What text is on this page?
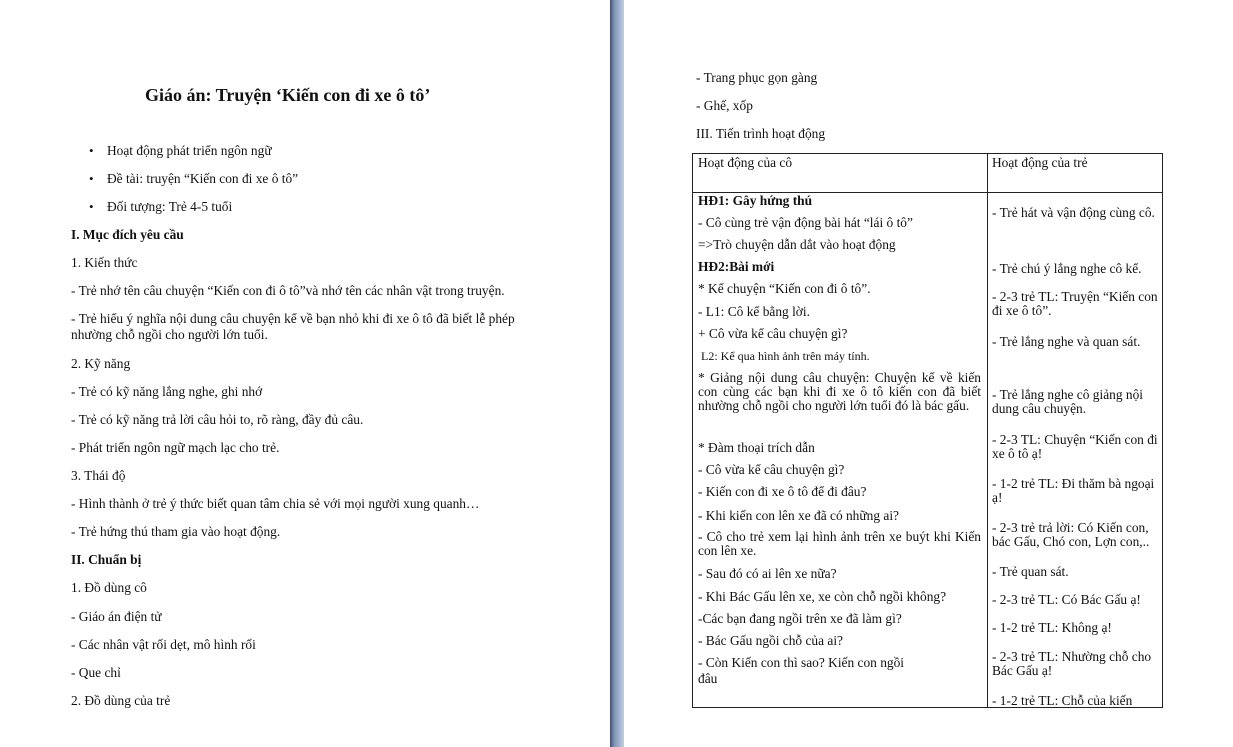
Giáo án: Truyện ‘Kiến con đi xe ô tô’
• Hoạt động phát triển ngôn ngữ
• Đề tài: truyện “Kiến con đi xe ô tô”
• Đối tượng: Trẻ 4-5 tuổi
I. Mục đích yêu cầu
1. Kiến thức
- Trẻ nhớ tên câu chuyện “Kiến con đi ô tô”và nhớ tên các nhân vật trong truyện.
- Trẻ hiểu ý nghĩa nội dung câu chuyện kể về bạn nhỏ khi đi xe ô tô đã biết lễ phép
nhường chỗ ngồi cho người lớn tuổi.
2. Kỹ năng
- Trẻ có kỹ năng lắng nghe, ghi nhớ
- Trẻ có kỹ năng trả lời câu hỏi to, rõ ràng, đầy đủ câu.
- Phát triển ngôn ngữ mạch lạc cho trẻ.
3. Thái độ
- Hình thành ở trẻ ý thức biết quan tâm chia sẻ với mọi người xung quanh…
- Trẻ hứng thú tham gia vào hoạt động.
II. Chuẩn bị
1. Đồ dùng cô
- Giáo án điện tử
- Các nhân vật rối dẹt, mô hình rối
- Que chỉ
2. Đồ dùng của trẻ
- Trang phục gọn gàng
- Ghế, xốp
III. Tiến trình hoạt động
Hoạt động của cô	Hoạt động của trẻ
HĐ1: Gây hứng thú
- Cô cùng trẻ vận động bài hát “lái ô tô”
=>Trò chuyện dẫn dắt vào hoạt động
HĐ2:Bài mới
* Kể chuyện “Kiến con đi ô tô”.
- L1: Cô kể bằng lời.
+ Cô vừa kể câu chuyện gì?
L2: Kể qua hình ảnh trên máy tính.
* Giảng nội dung câu chuyện: Chuyện kể về kiến con cùng các bạn khi đi xe ô tô kiến con đã biết nhường chỗ ngồi cho người lớn tuổi đó là bác gấu.
* Đàm thoại trích dẫn
- Cô vừa kể câu chuyện gì?
- Kiến con đi xe ô tô để đi đâu?
- Khi kiến con lên xe đã có những ai?
- Cô cho trẻ xem lại hình ảnh trên xe buýt khi Kiến con lên xe.
- Sau đó có ai lên xe nữa?
- Khi Bác Gấu lên xe, xe còn chỗ ngồi không?
-Các bạn đang ngồi trên xe đã làm gì?
- Bác Gấu ngồi chỗ của ai?
- Còn Kiến con thì sao? Kiến con ngồi
đâu
- Trẻ hát và vận động cùng cô.
- Trẻ chú ý lắng nghe cô kể.
- 2-3 trẻ TL: Truyện “Kiến con đi xe ô tô”.
- Trẻ lắng nghe và quan sát.
- Trẻ lắng nghe cô giảng nội dung câu chuyện.
- 2-3 TL: Chuyện “Kiến con đi xe ô tô ạ!
- 1-2 trẻ TL: Đi thăm bà ngoại ạ!
- 2-3 trẻ trả lời: Có Kiến con, bác Gấu, Chó con, Lợn con,..
- Trẻ quan sát.
- 2-3 trẻ TL: Có Bác Gấu ạ!
- 1-2 trẻ TL: Không ạ!
- 2-3 trẻ TL: Nhường chỗ cho Bác Gấu ạ!
- 1-2 trẻ TL: Chỗ của kiến
